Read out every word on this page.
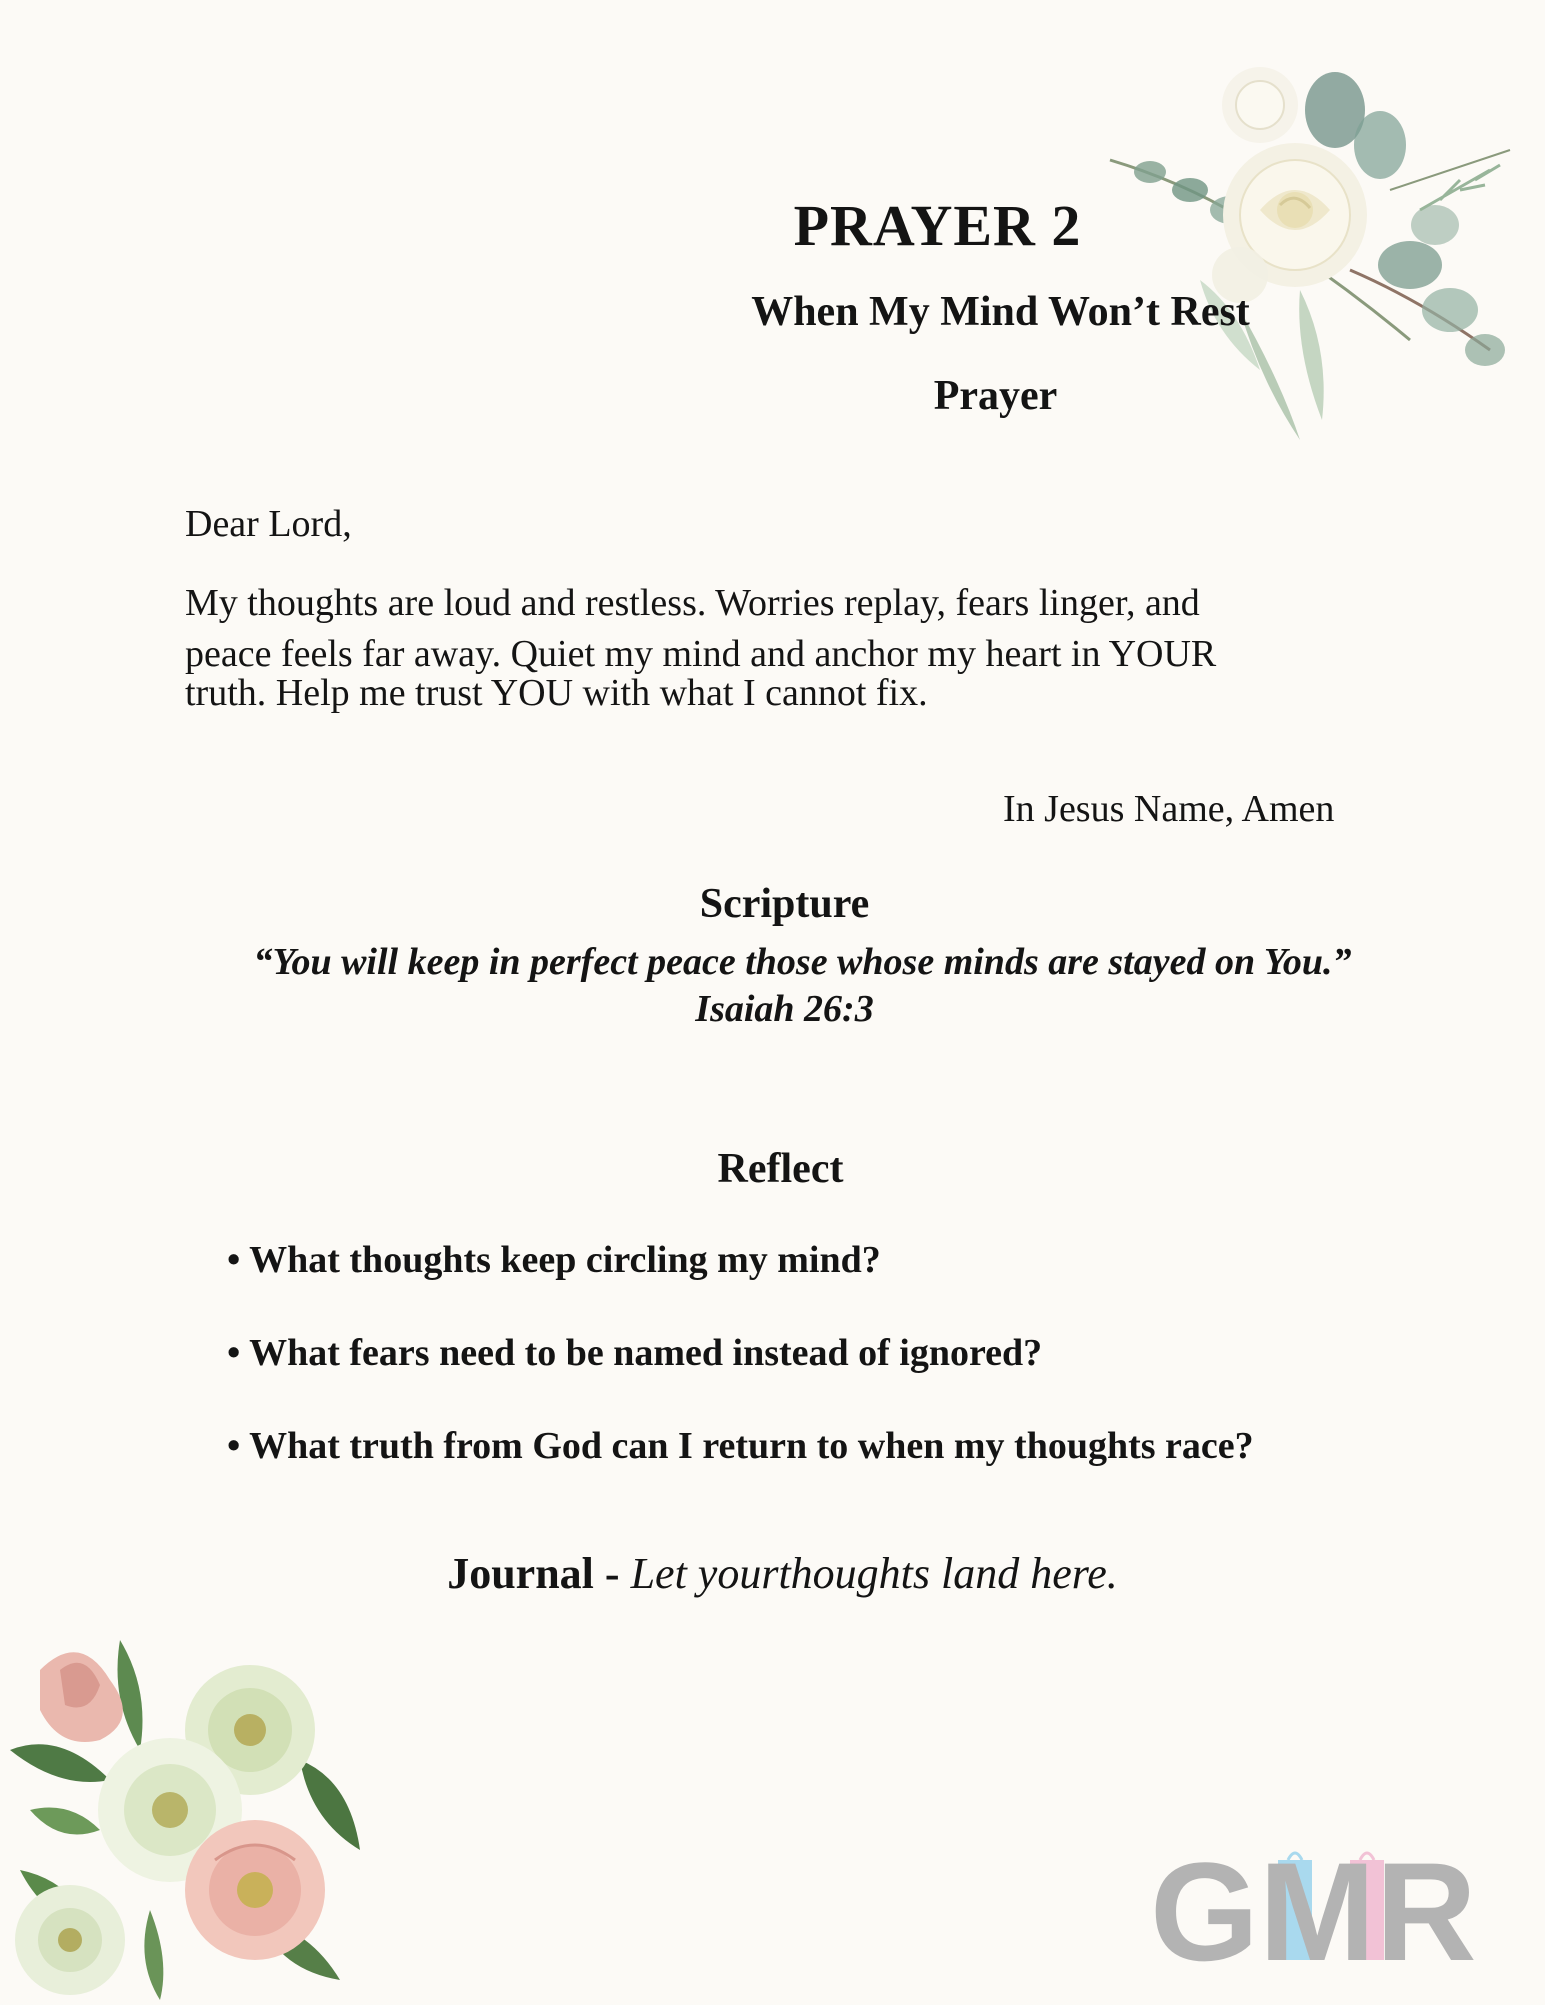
PRAYER 2
When My Mind Won’t Rest
Prayer
Dear Lord,
My thoughts are loud and restless. Worries replay, fears linger, and
peace feels far away. Quiet my mind and anchor my heart in YOUR
truth. Help me trust YOU with what I cannot fix.
In Jesus Name, Amen
Scripture
“You will keep in perfect peace those whose minds are stayed on You.”
Isaiah 26:3
Reflect
• What thoughts keep circling my mind?
• What fears need to be named instead of ignored?
• What truth from God can I return to when my thoughts race?
Journal - Let yourthoughts land here.
GMR
